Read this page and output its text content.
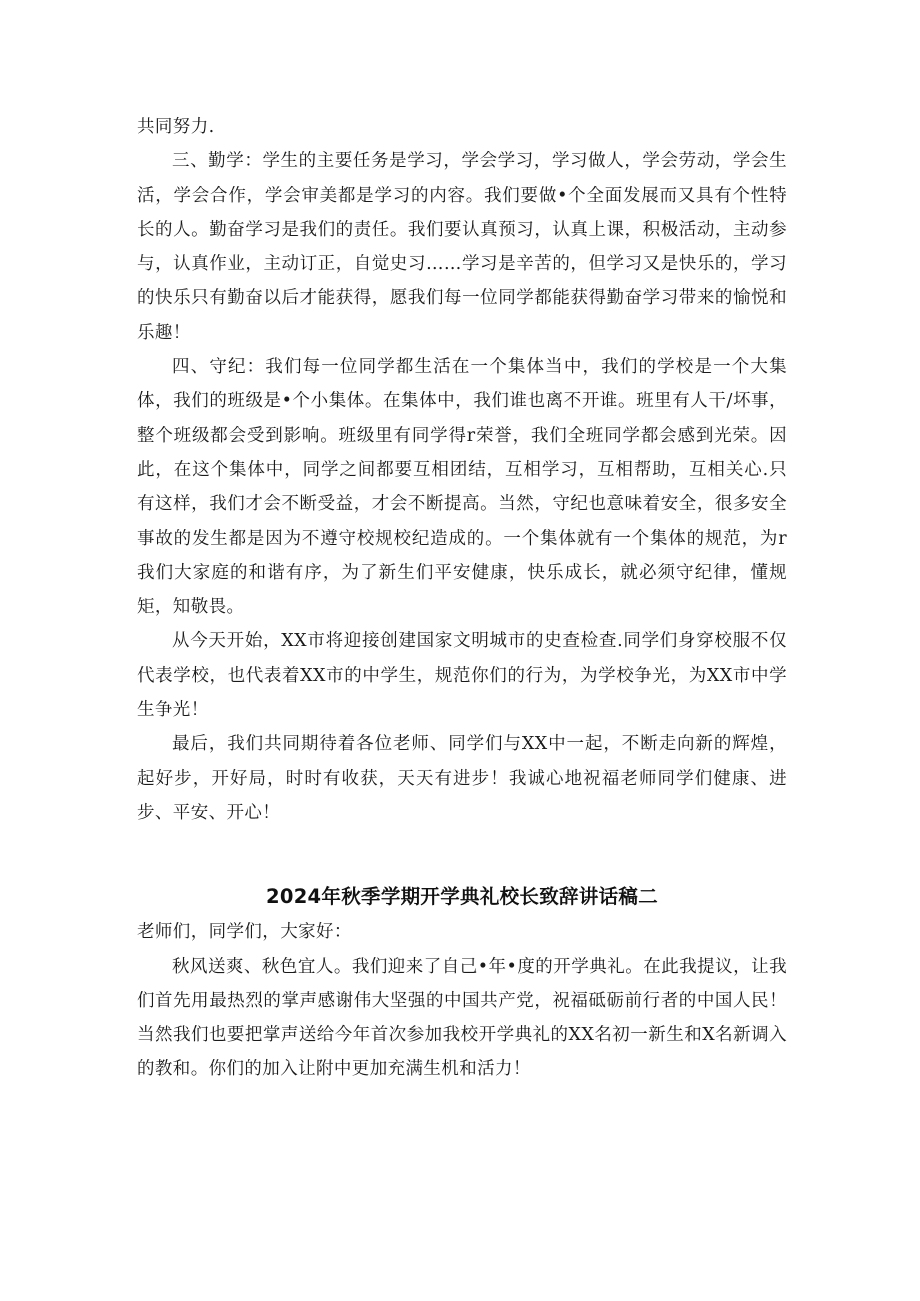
共同努力.

三、勤学：学生的主要任务是学习，学会学习，学习做人，学会劳动，学会生活，学会合作，学会审美都是学习的内容。我们要做•个全面发展而又具有个性特长的人。勤奋学习是我们的责任。我们要认真预习，认真上课，积极活动，主动参与，认真作业，主动订正，自觉史习……学习是辛苦的，但学习又是快乐的，学习的快乐只有勤奋以后才能获得，愿我们每一位同学都能获得勤奋学习带来的愉悦和乐趣！

四、守纪：我们每一位同学都生活在一个集体当中，我们的学校是一个大集体，我们的班级是•个小集体。在集体中，我们谁也离不开谁。班里有人干/坏事，整个班级都会受到影响。班级里有同学得r荣誉，我们全班同学都会感到光荣。因此，在这个集体中，同学之间都要互相团结，互相学习，互相帮助，互相关心.只有这样，我们才会不断受益，才会不断提高。当然，守纪也意味着安全，很多安全事故的发生都是因为不遵守校规校纪造成的。一个集体就有一个集体的规范，为r我们大家庭的和谐有序，为了新生们平安健康，快乐成长，就必须守纪律，懂规矩，知敬畏。

从今天开始，XX市将迎接创建国家文明城市的史查检查.同学们身穿校服不仅代表学校，也代表着XX市的中学生，规范你们的行为，为学校争光，为XX市中学生争光！

最后，我们共同期待着各位老师、同学们与XX中一起，不断走向新的辉煌，起好步，开好局，时时有收获，天天有进步！我诚心地祝福老师同学们健康、进步、平安、开心！

2024年秋季学期开学典礼校长致辞讲话稿二

老师们，同学们，大家好：

秋风送爽、秋色宜人。我们迎来了自己•年•度的开学典礼。在此我提议，让我们首先用最热烈的掌声感谢伟大坚强的中国共产党，祝福砥砺前行者的中国人民！当然我们也要把掌声送给今年首次参加我校开学典礼的XX名初一新生和X名新调入的教和。你们的加入让附中更加充满生机和活力！
